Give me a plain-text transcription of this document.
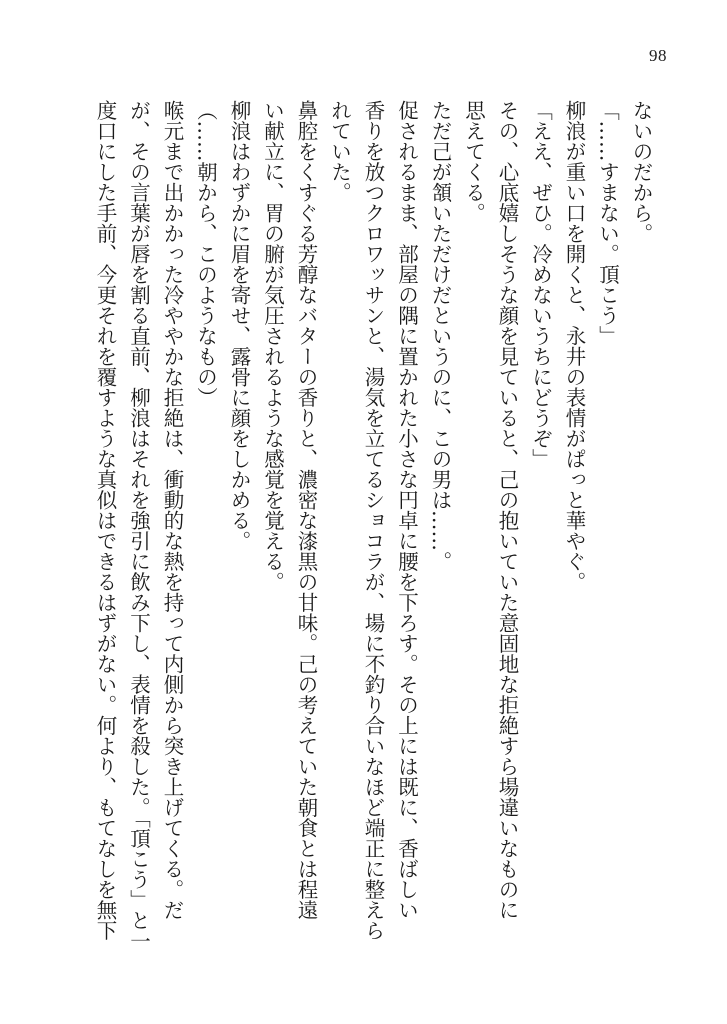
98
ないのだから。
「……すまない。頂こう」
柳浪が重い口を開くと、永井の表情がぱっと華やぐ。
「ええ、ぜひ。冷めないうちにどうぞ」
その、心底嬉しそうな顔を見ていると、己の抱いていた意固地な拒絶すら場違いなものに
思えてくる。
ただ己が頷いただけだというのに、この男は……。
促されるまま、部屋の隅に置かれた小さな円卓に腰を下ろす。その上には既に、香ばしい
香りを放つクロワッサンと、湯気を立てるショコラが、場に不釣り合いなほど端正に整えら
れていた。
鼻腔をくすぐる芳醇なバターの香りと、濃密な漆黒の甘味。己の考えていた朝食とは程遠
い献立に、胃の腑が気圧されるような感覚を覚える。
柳浪はわずかに眉を寄せ、露骨に顔をしかめる。
（……朝から、このようなもの）
喉元まで出かかった冷ややかな拒絶は、衝動的な熱を持って内側から突き上げてくる。だ
が、その言葉が唇を割る直前、柳浪はそれを強引に飲み下し、表情を殺した。「頂こう」と一
度口にした手前、今更それを覆すような真似はできるはずがない。何より、もてなしを無下
